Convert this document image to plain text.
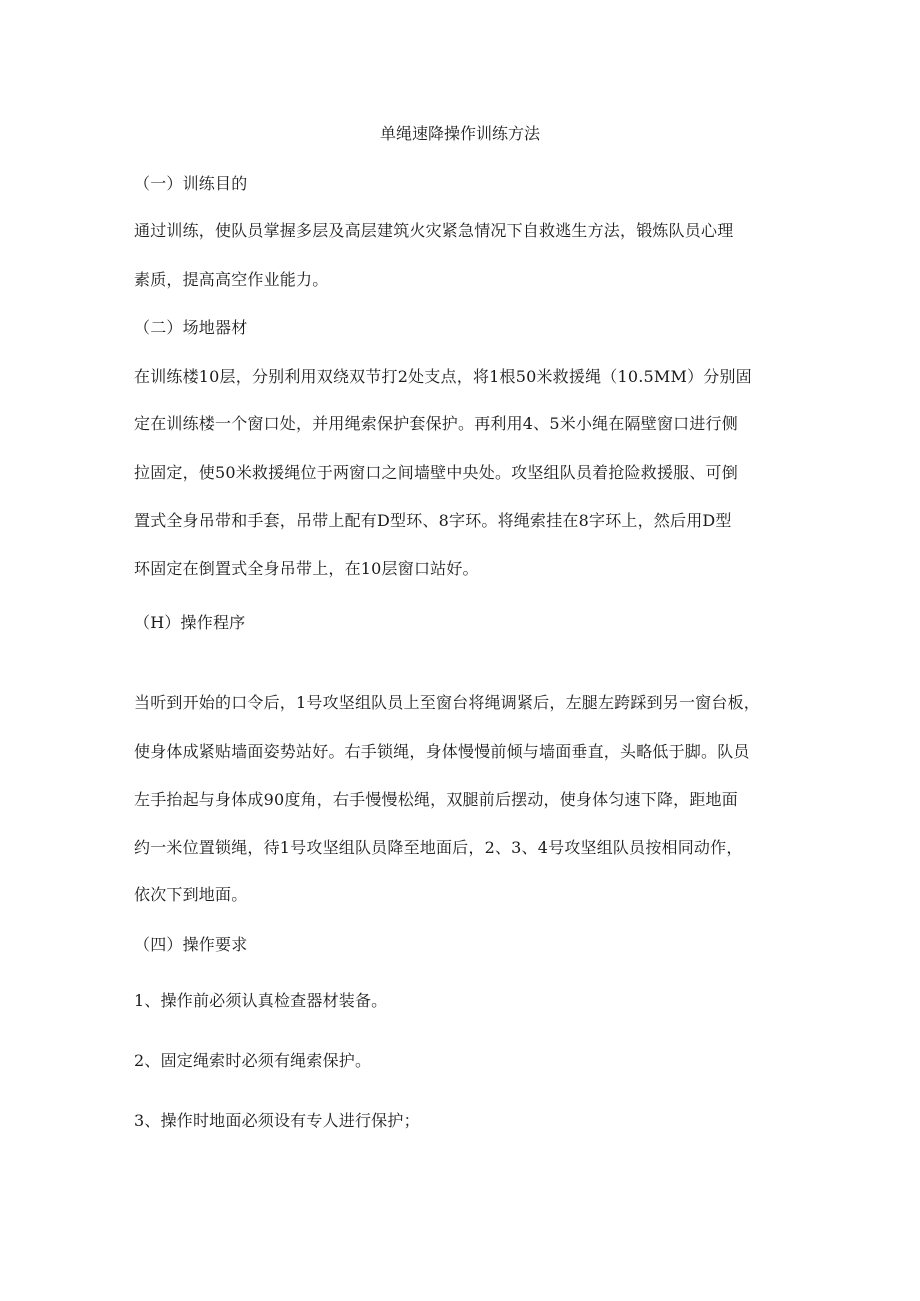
单绳速降操作训练方法
（一）训练目的
通过训练，使队员掌握多层及高层建筑火灾紧急情况下自救逃生方法，锻炼队员心理
素质，提高高空作业能力。
（二）场地器材
在训练楼10层，分别利用双绕双节打2处支点，将1根50米救援绳（10.5MM）分别固
定在训练楼一个窗口处，并用绳索保护套保护。再利用4、5米小绳在隔壁窗口进行侧
拉固定，使50米救援绳位于两窗口之间墙壁中央处。攻坚组队员着抢险救援服、可倒
置式全身吊带和手套，吊带上配有D型环、8字环。将绳索挂在8字环上，然后用D型
环固定在倒置式全身吊带上，在10层窗口站好。
（H）操作程序
当听到开始的口令后，1号攻坚组队员上至窗台将绳调紧后，左腿左跨踩到另一窗台板，
使身体成紧贴墙面姿势站好。右手锁绳，身体慢慢前倾与墙面垂直，头略低于脚。队员
左手抬起与身体成90度角，右手慢慢松绳，双腿前后摆动，使身体匀速下降，距地面
约一米位置锁绳，待1号攻坚组队员降至地面后，2、3、4号攻坚组队员按相同动作，
依次下到地面。
（四）操作要求
1、操作前必须认真检查器材装备。
2、固定绳索时必须有绳索保护。
3、操作时地面必须设有专人进行保护；
